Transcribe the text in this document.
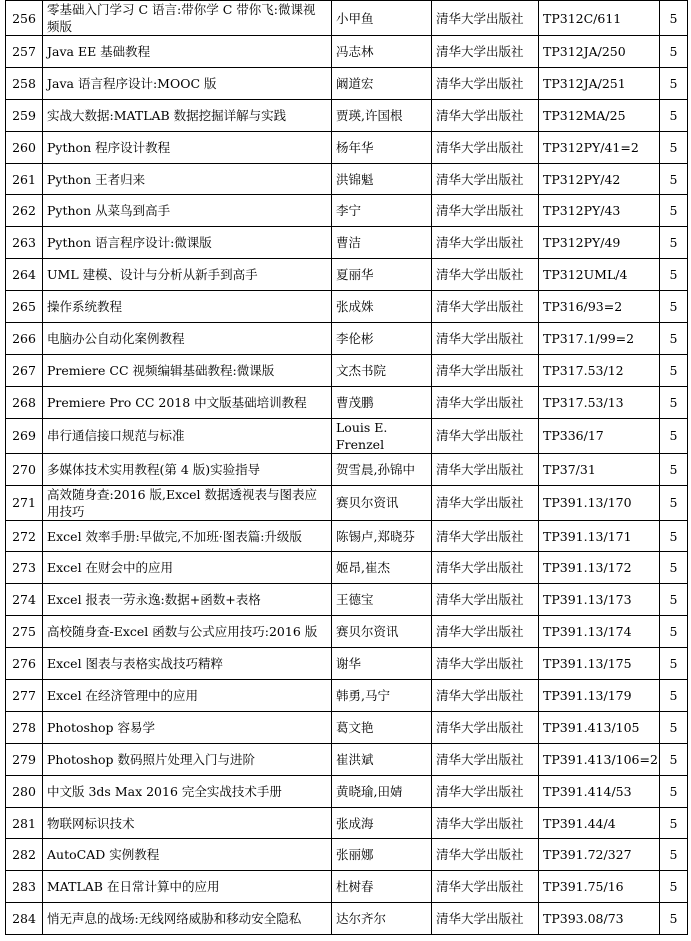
256	零基础入门学习 C 语言:带你学 C 带你飞:微课视频版	小甲鱼	清华大学出版社	TP312C/611	5
257	Java EE 基础教程	冯志林	清华大学出版社	TP312JA/250	5
258	Java 语言程序设计:MOOC 版	阚道宏	清华大学出版社	TP312JA/251	5
259	实战大数据:MATLAB 数据挖掘详解与实践	贾瑛,许国根	清华大学出版社	TP312MA/25	5
260	Python 程序设计教程	杨年华	清华大学出版社	TP312PY/41=2	5
261	Python 王者归来	洪锦魁	清华大学出版社	TP312PY/42	5
262	Python 从菜鸟到高手	李宁	清华大学出版社	TP312PY/43	5
263	Python 语言程序设计:微课版	曹洁	清华大学出版社	TP312PY/49	5
264	UML 建模、设计与分析从新手到高手	夏丽华	清华大学出版社	TP312UML/4	5
265	操作系统教程	张成姝	清华大学出版社	TP316/93=2	5
266	电脑办公自动化案例教程	李伦彬	清华大学出版社	TP317.1/99=2	5
267	Premiere CC 视频编辑基础教程:微课版	文杰书院	清华大学出版社	TP317.53/12	5
268	Premiere Pro CC 2018 中文版基础培训教程	曹茂鹏	清华大学出版社	TP317.53/13	5
269	串行通信接口规范与标准	Louis E. Frenzel	清华大学出版社	TP336/17	5
270	多媒体技术实用教程(第 4 版)实验指导	贺雪晨,孙锦中	清华大学出版社	TP37/31	5
271	高效随身查:2016 版,Excel 数据透视表与图表应用技巧	赛贝尔资讯	清华大学出版社	TP391.13/170	5
272	Excel 效率手册:早做完,不加班·图表篇:升级版	陈锡卢,郑晓芬	清华大学出版社	TP391.13/171	5
273	Excel 在财会中的应用	姬昂,崔杰	清华大学出版社	TP391.13/172	5
274	Excel 报表一劳永逸:数据+函数+表格	王德宝	清华大学出版社	TP391.13/173	5
275	高校随身查-Excel 函数与公式应用技巧:2016 版	赛贝尔资讯	清华大学出版社	TP391.13/174	5
276	Excel 图表与表格实战技巧精粹	谢华	清华大学出版社	TP391.13/175	5
277	Excel 在经济管理中的应用	韩勇,马宁	清华大学出版社	TP391.13/179	5
278	Photoshop 容易学	葛文艳	清华大学出版社	TP391.413/105	5
279	Photoshop 数码照片处理入门与进阶	崔洪斌	清华大学出版社	TP391.413/106=2	5
280	中文版 3ds Max 2016 完全实战技术手册	黄晓瑜,田婧	清华大学出版社	TP391.414/53	5
281	物联网标识技术	张成海	清华大学出版社	TP391.44/4	5
282	AutoCAD 实例教程	张丽娜	清华大学出版社	TP391.72/327	5
283	MATLAB 在日常计算中的应用	杜树春	清华大学出版社	TP391.75/16	5
284	悄无声息的战场:无线网络威胁和移动安全隐私	达尔齐尔	清华大学出版社	TP393.08/73	5
